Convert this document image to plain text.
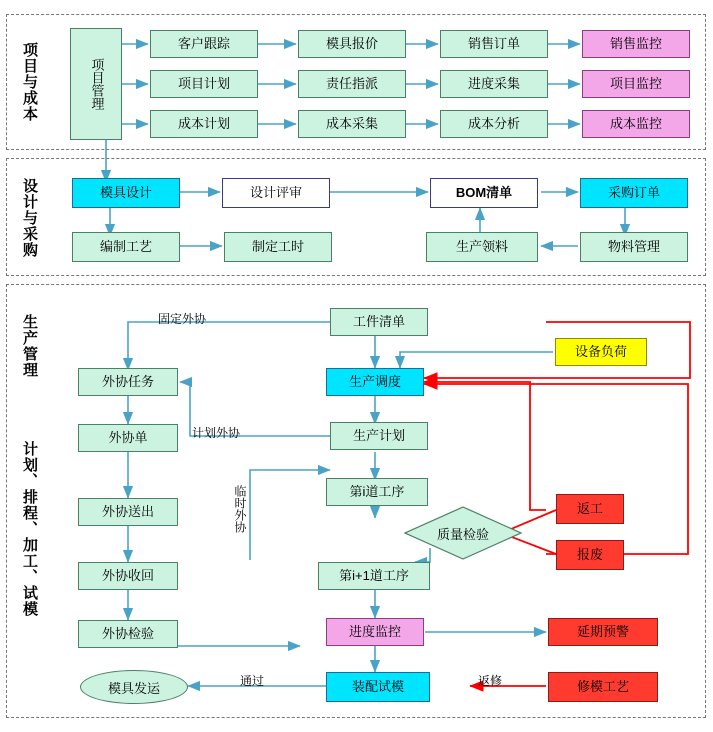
项目与成本
设计与采购
生产管理
计划、排程、加工、试模
项目管理
客户跟踪	模具报价	销售订单	销售监控
项目计划	责任指派	进度采集	项目监控
成本计划	成本采集	成本分析	成本监控
模具设计	设计评审	BOM清单	采购订单
编制工艺	制定工时	生产领料	物料管理
工件清单
设备负荷
生产调度
外协任务
生产计划
外协单
第i道工序
外协送出
质量检验
返工
报废
外协收回	第i+1道工序
外协检验	进度监控	延期预警
模具发运	装配试模	修模工艺
固定外协
计划外协
临时外协
通过	返修
